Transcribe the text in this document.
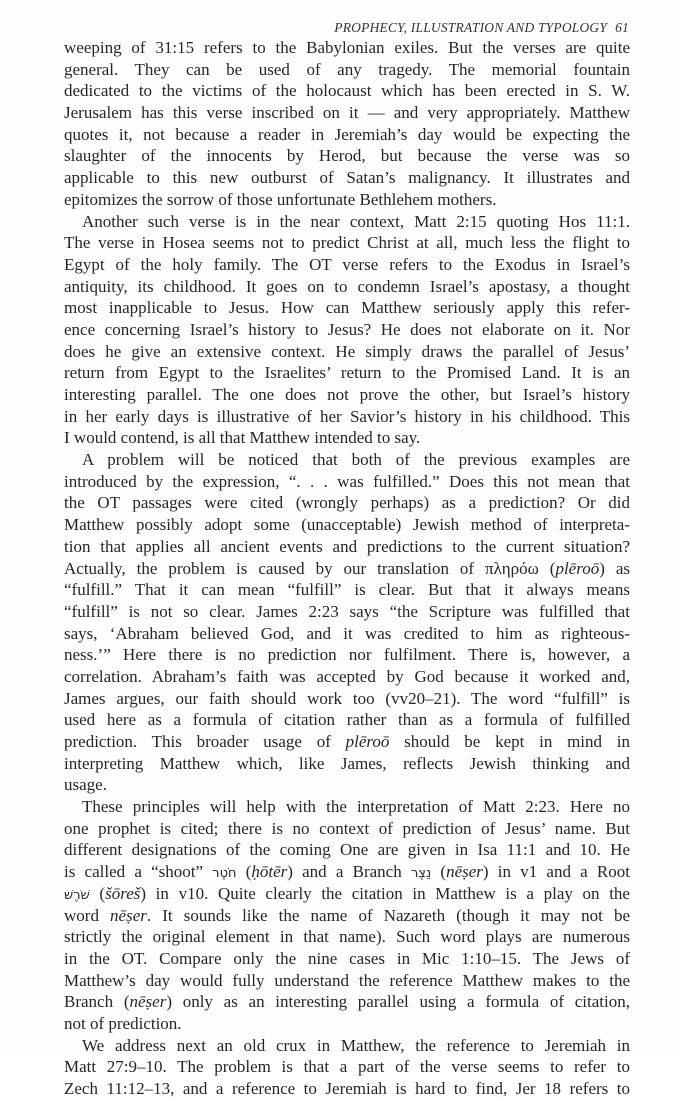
PROPHECY, ILLUSTRATION AND TYPOLOGY 61
weeping of 31:15 refers to the Babylonian exiles. But the verses are quite
general. They can be used of any tragedy. The memorial fountain
dedicated to the victims of the holocaust which has been erected in S. W.
Jerusalem has this verse inscribed on it — and very appropriately. Matthew
quotes it, not because a reader in Jeremiah’s day would be expecting the
slaughter of the innocents by Herod, but because the verse was so
applicable to this new outburst of Satan’s malignancy. It illustrates and
epitomizes the sorrow of those unfortunate Bethlehem mothers.
Another such verse is in the near context, Matt 2:15 quoting Hos 11:1.
The verse in Hosea seems not to predict Christ at all, much less the flight to
Egypt of the holy family. The OT verse refers to the Exodus in Israel’s
antiquity, its childhood. It goes on to condemn Israel’s apostasy, a thought
most inapplicable to Jesus. How can Matthew seriously apply this refer-
ence concerning Israel’s history to Jesus? He does not elaborate on it. Nor
does he give an extensive context. He simply draws the parallel of Jesus’
return from Egypt to the Israelites’ return to the Promised Land. It is an
interesting parallel. The one does not prove the other, but Israel’s history
in her early days is illustrative of her Savior’s history in his childhood. This
I would contend, is all that Matthew intended to say.
A problem will be noticed that both of the previous examples are
introduced by the expression, “. . . was fulfilled.” Does this not mean that
the OT passages were cited (wrongly perhaps) as a prediction? Or did
Matthew possibly adopt some (unacceptable) Jewish method of interpreta-
tion that applies all ancient events and predictions to the current situation?
Actually, the problem is caused by our translation of πληρόω (plēroō) as
“fulfill.” That it can mean “fulfill” is clear. But that it always means
“fulfill” is not so clear. James 2:23 says “the Scripture was fulfilled that
says, ‘Abraham believed God, and it was credited to him as righteous-
ness.’” Here there is no prediction nor fulfilment. There is, however, a
correlation. Abraham’s faith was accepted by God because it worked and,
James argues, our faith should work too (vv20–21). The word “fulfill” is
used here as a formula of citation rather than as a formula of fulfilled
prediction. This broader usage of plēroō should be kept in mind in
interpreting Matthew which, like James, reflects Jewish thinking and
usage.
These principles will help with the interpretation of Matt 2:23. Here no
one prophet is cited; there is no context of prediction of Jesus’ name. But
different designations of the coming One are given in Isa 11:1 and 10. He
is called a “shoot” חֹטֶר (ḥōtēr) and a Branch נֵצֶר (nēṣer) in v1 and a Root
שֹׁרֶשׁ (šōreš) in v10. Quite clearly the citation in Matthew is a play on the
word nēṣer. It sounds like the name of Nazareth (though it may not be
strictly the original element in that name). Such word plays are numerous
in the OT. Compare only the nine cases in Mic 1:10–15. The Jews of
Matthew’s day would fully understand the reference Matthew makes to the
Branch (nēṣer) only as an interesting parallel using a formula of citation,
not of prediction.
We address next an old crux in Matthew, the reference to Jeremiah in
Matt 27:9–10. The problem is that a part of the verse seems to refer to
Zech 11:12–13, and a reference to Jeremiah is hard to find, Jer 18 refers to
